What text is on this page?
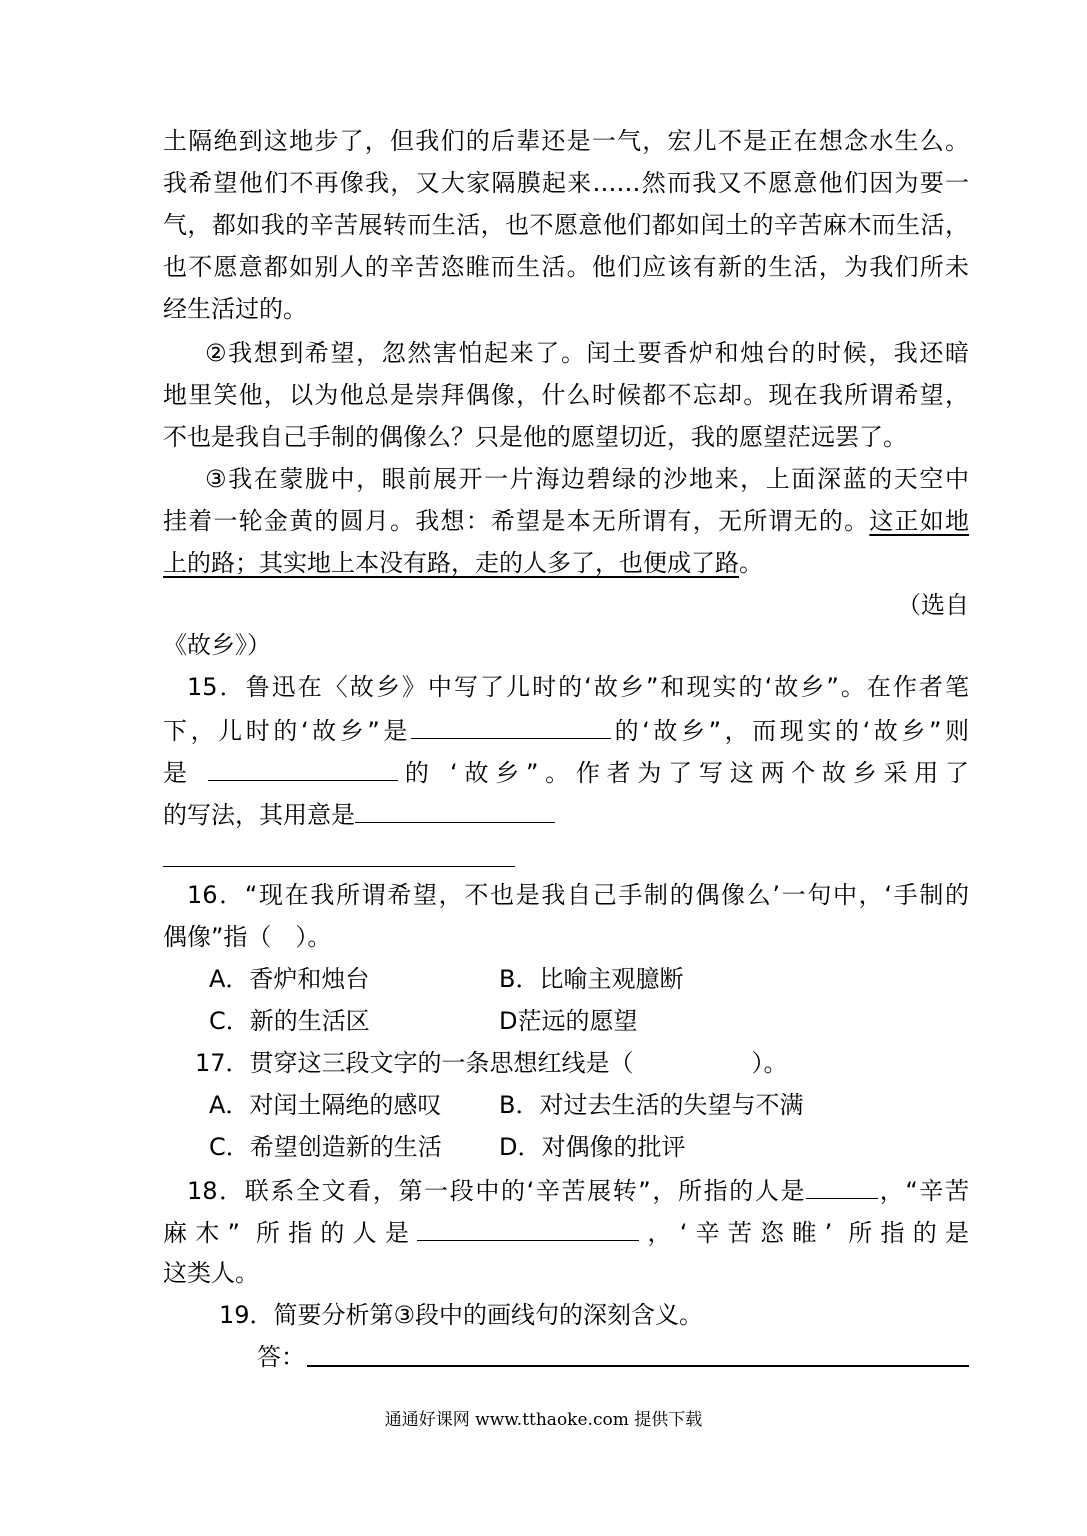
土隔绝到这地步了，但我们的后辈还是一气，宏儿不是正在想念水生么。
我希望他们不再像我，又大家隔膜起来……然而我又不愿意他们因为要一
气，都如我的辛苦展转而生活，也不愿意他们都如闰土的辛苦麻木而生活，
也不愿意都如别人的辛苦恣睢而生活。他们应该有新的生活，为我们所未
经生活过的。
②我想到希望，忽然害怕起来了。闰土要香炉和烛台的时候，我还暗
地里笑他，以为他总是崇拜偶像，什么时候都不忘却。现在我所谓希望，
不也是我自己手制的偶像么？只是他的愿望切近，我的愿望茫远罢了。
③我在蒙胧中，眼前展开一片海边碧绿的沙地来，上面深蓝的天空中
挂着一轮金黄的圆月。我想：希望是本无所谓有，无所谓无的。这正如地
上的路；其实地上本没有路，走的人多了，也便成了路。
（选自
《故乡》）
15．鲁迅在〈故乡》中写了儿时的‘故乡”和现实的‘故乡”。在作者笔
下，儿时的‘故乡”是	的‘故乡”，而现实的‘故乡”则
是	的 ‘故乡”。作者为了写这两个故乡采用了
的写法，其用意是
16．“现在我所谓希望，不也是我自己手制的偶像么’一句中，‘手制的
偶像”指（　）。
A．香炉和烛台	B．比喻主观臆断
C．新的生活区	D茫远的愿望
17．贯穿这三段文字的一条思想红线是（	）。
A．对闰土隔绝的感叹 B．对过去生活的失望与不满
C．希望创造新的生活 D．对偶像的批评
18．联系全文看，第一段中的‘辛苦展转”，所指的人是	，“辛苦
麻木” 所指的人是	，‘辛苦恣睢’ 所指的是
这类人。
19．简要分析第③段中的画线句的深刻含义。
答：
通通好课网 www.tthaoke.com 提供下载
